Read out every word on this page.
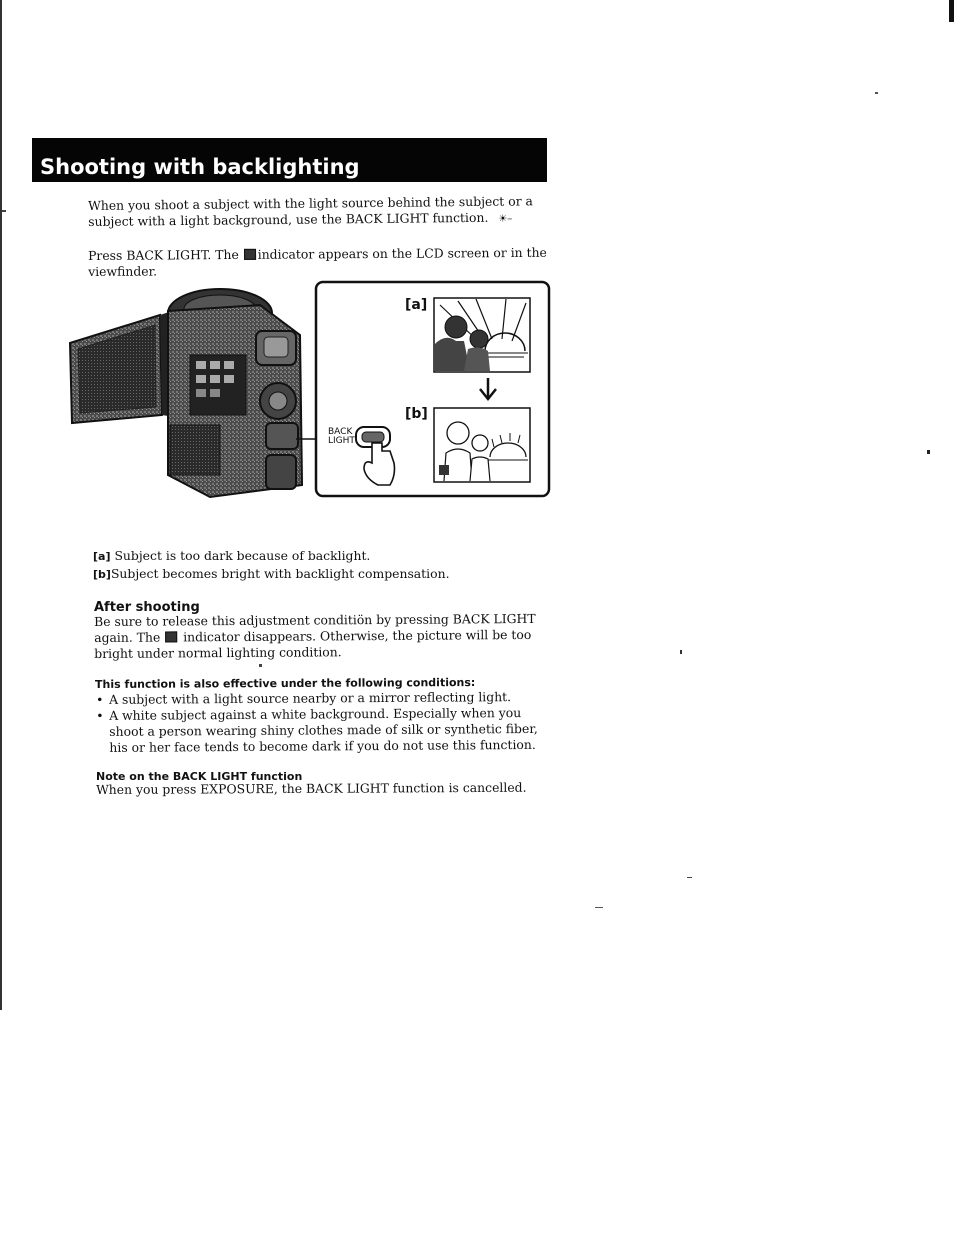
Shooting with backlighting
When you shoot a subject with the light source behind the subject or a subject with a light background, use the BACK LIGHT function. ☀–
Press BACK LIGHT. The indicator appears on the LCD screen or in the viewfinder.
[a]
[b]
BACK
LIGHT
[a] Subject is too dark because of backlight.
[b]Subject becomes bright with backlight compensation.
After shooting
Be sure to release this adjustment conditiön by pressing BACK LIGHT again. The indicator disappears. Otherwise, the picture will be too bright under normal lighting condition.
This function is also effective under the following conditions:
• A subject with a light source nearby or a mirror reflecting light.
• A white subject against a white background. Especially when you shoot a person wearing shiny clothes made of silk or synthetic fiber, his or her face tends to become dark if you do not use this function.
Note on the BACK LIGHT function
When you press EXPOSURE, the BACK LIGHT function is cancelled.
